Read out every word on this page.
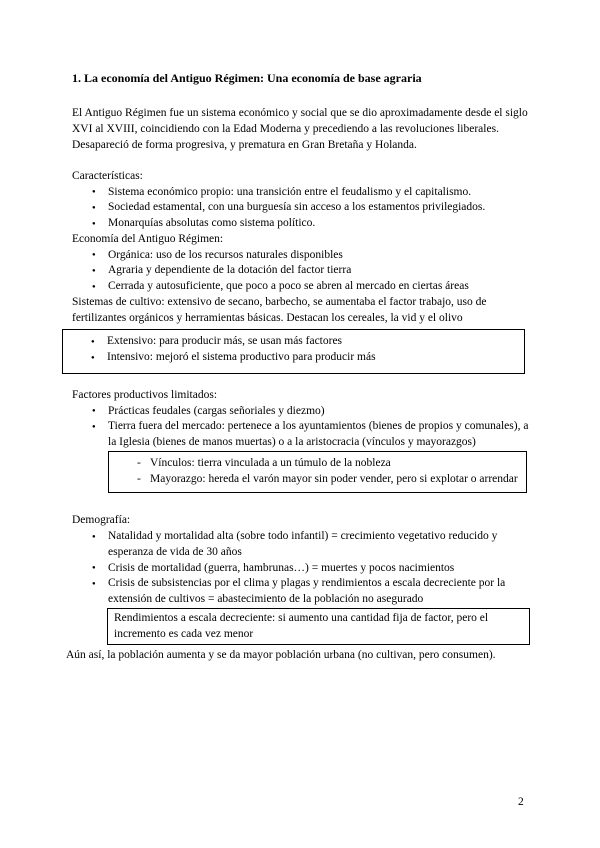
1. La economía del Antiguo Régimen: Una economía de base agraria

El Antiguo Régimen fue un sistema económico y social que se dio aproximadamente desde el siglo XVI al XVIII, coincidiendo con la Edad Moderna y precediendo a las revoluciones liberales. Desapareció de forma progresiva, y prematura en Gran Bretaña y Holanda.

Características:

● Sistema económico propio: una transición entre el feudalismo y el capitalismo.
● Sociedad estamental, con una burguesía sin acceso a los estamentos privilegiados.
● Monarquías absolutas como sistema político.

Economía del Antiguo Régimen:

● Orgánica: uso de los recursos naturales disponibles
● Agraria y dependiente de la dotación del factor tierra
● Cerrada y autosuficiente, que poco a poco se abren al mercado en ciertas áreas

Sistemas de cultivo: extensivo de secano, barbecho, se aumentaba el factor trabajo, uso de fertilizantes orgánicos y herramientas básicas. Destacan los cereales, la vid y el olivo

● Extensivo: para producir más, se usan más factores
● Intensivo: mejoró el sistema productivo para producir más

Factores productivos limitados:

● Prácticas feudales (cargas señoriales y diezmo)
● Tierra fuera del mercado: pertenece a los ayuntamientos (bienes de propios y comunales), a la Iglesia (bienes de manos muertas) o a la aristocracia (vínculos y mayorazgos)
- Vínculos: tierra vinculada a un túmulo de la nobleza
- Mayorazgo: hereda el varón mayor sin poder vender, pero si explotar o arrendar

Demografía:

● Natalidad y mortalidad alta (sobre todo infantil) = crecimiento vegetativo reducido y esperanza de vida de 30 años
● Crisis de mortalidad (guerra, hambrunas…) = muertes y pocos nacimientos
● Crisis de subsistencias por el clima y plagas y rendimientos a escala decreciente por la extensión de cultivos = abastecimiento de la población no asegurado

Rendimientos a escala decreciente: si aumento una cantidad fija de factor, pero el incremento es cada vez menor

Aún así, la población aumenta y se da mayor población urbana (no cultivan, pero consumen).

2
